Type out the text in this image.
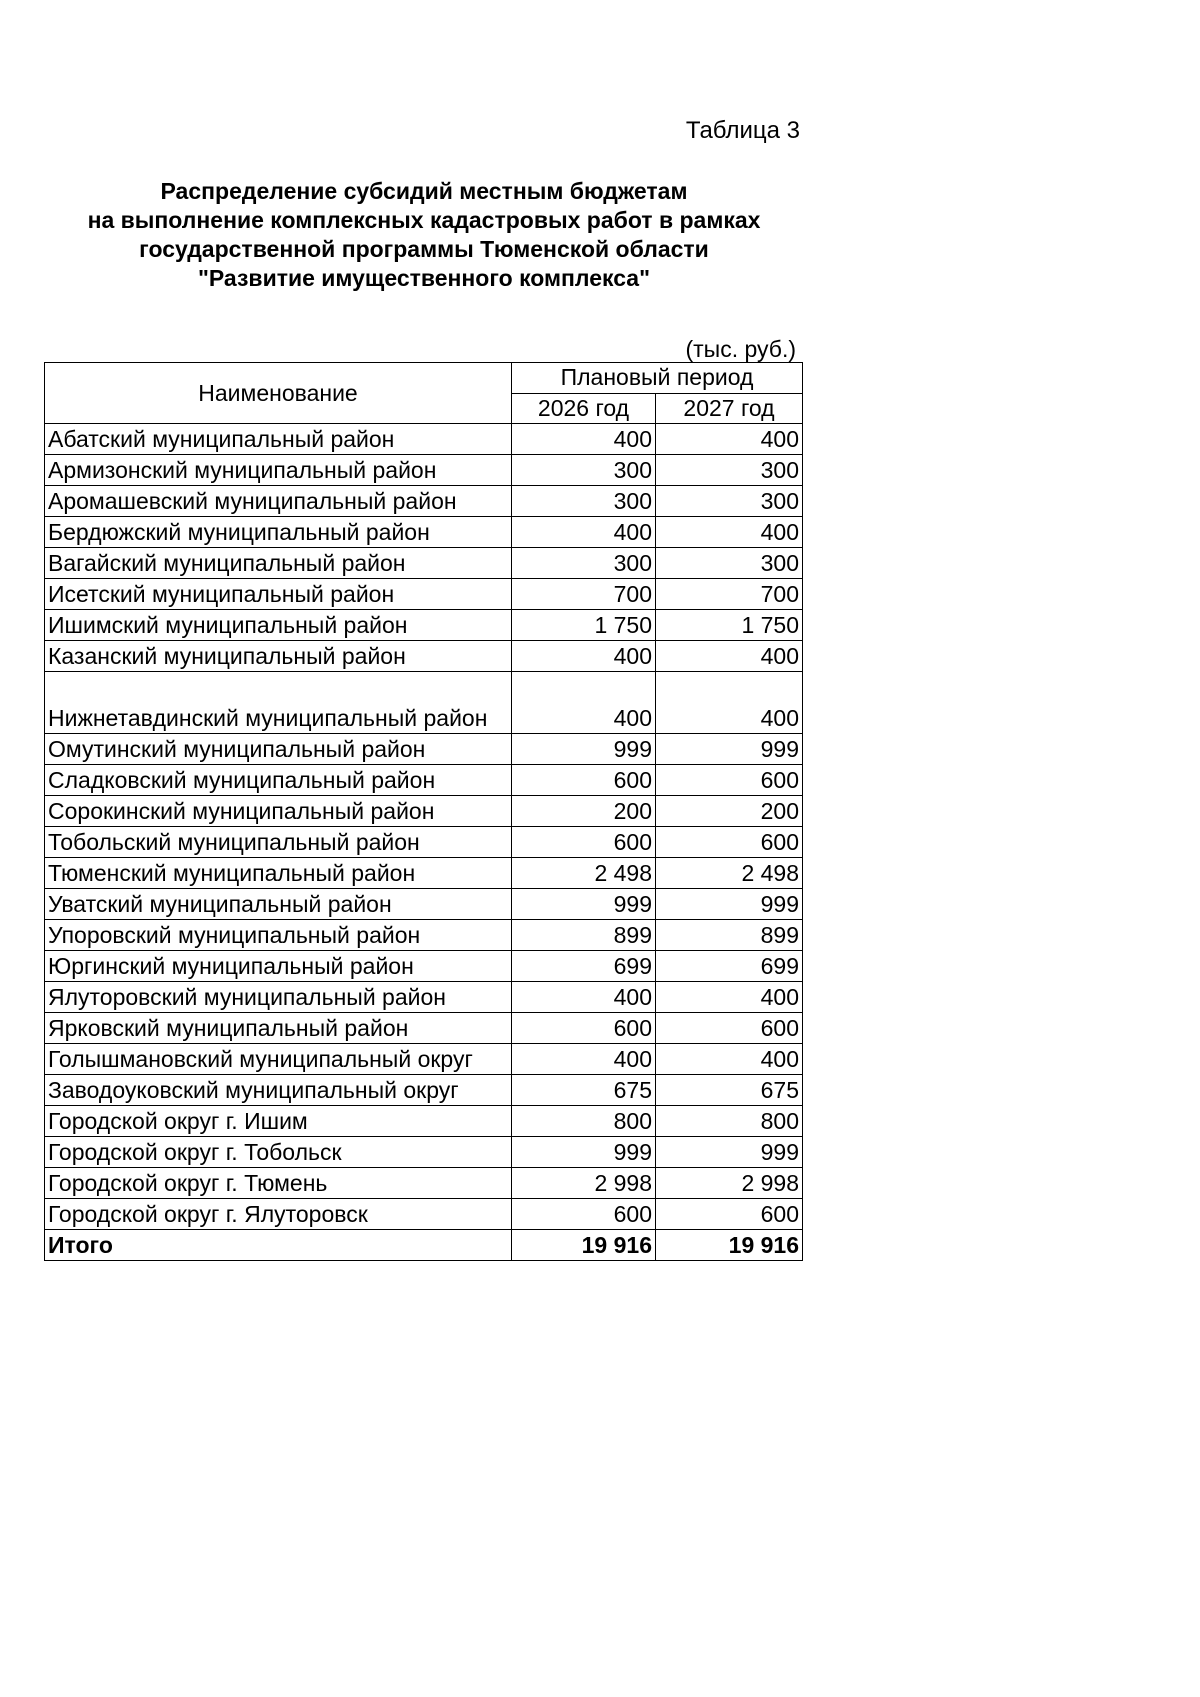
Таблица 3
Распределение субсидий местным бюджетам
на выполнение комплексных кадастровых работ в рамках
государственной программы Тюменской области
"Развитие имущественного комплекса"
(тыс. руб.)
Наименование	Плановый период	
	2026 год	2027 год
Абатский муниципальный район	400	400
Армизонский муниципальный район	300	300
Аромашевский муниципальный район	300	300
Бердюжский муниципальный район	400	400
Вагайский муниципальный район	300	300
Исетский муниципальный район	700	700
Ишимский муниципальный район	1 750	1 750
Казанский муниципальный район	400	400
Нижнетавдинский муниципальный район	400	400
Омутинский муниципальный район	999	999
Сладковский муниципальный район	600	600
Сорокинский муниципальный район	200	200
Тобольский муниципальный район	600	600
Тюменский муниципальный район	2 498	2 498
Уватский муниципальный район	999	999
Упоровский муниципальный район	899	899
Юргинский муниципальный район	699	699
Ялуторовский муниципальный район	400	400
Ярковский муниципальный район	600	600
Голышмановский муниципальный округ	400	400
Заводоуковский муниципальный округ	675	675
Городской округ г. Ишим	800	800
Городской округ г. Тобольск	999	999
Городской округ г. Тюмень	2 998	2 998
Городской округ г. Ялуторовск	600	600
Итого	19 916	19 916
